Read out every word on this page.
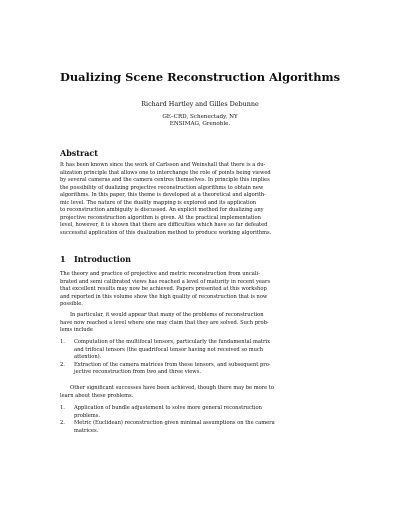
Dualizing Scene Reconstruction Algorithms
Richard Hartley and Gilles Debunne
GE–CRD, Schenectady, NY
ENSIMAG, Grenoble.
Abstract
It has been known since the work of Carlsson and Weinshall that there is a du-
alization principle that allows one to interchange the role of points being viewed
by several cameras and the camera centres themselves. In principle this implies
the possibility of dualizing projective reconstruction algorithms to obtain new
algorithms. In this paper, this theme is developed at a theoretical and algorith-
mic level. The nature of the duality mapping is explored and its application
to reconstruction ambiguity is discussed. An explicit method for dualizing any
projective reconstruction algorithm is given. At the practical implementation
level, however, it is shown that there are difficulties which have so far defeated
successful application of this dualization method to produce working algorithms.
1 Introduction
The theory and practice of projective and metric reconstruction from uncali-
brated and semi calibrated views has reached a level of maturity in recent years
that excellent results may now be achieved. Papers presented at this workshop
and reported in this volume show the high quality of reconstruction that is now
possible.
In particular, it would appear that many of the problems of reconstruction
have now reached a level where one may claim that they are solved. Such prob-
lems include
1.	Computation of the multifocal tensors, particularly the fundamental matrix
and trifocal tensors (the quadrifocal tensor having not received so much
attention).
2.	Extraction of the camera matrices from these tensors, and subsequent pro-
jective reconstruction from two and three views.
Other significant successes have been achieved, though there may be more to
learn about these problems.
1.	Application of bundle adjustement to solve more general reconstruction
problems.
2.	Metric (Euclidean) reconstruction given minimal assumptions on the camera
matrices.
